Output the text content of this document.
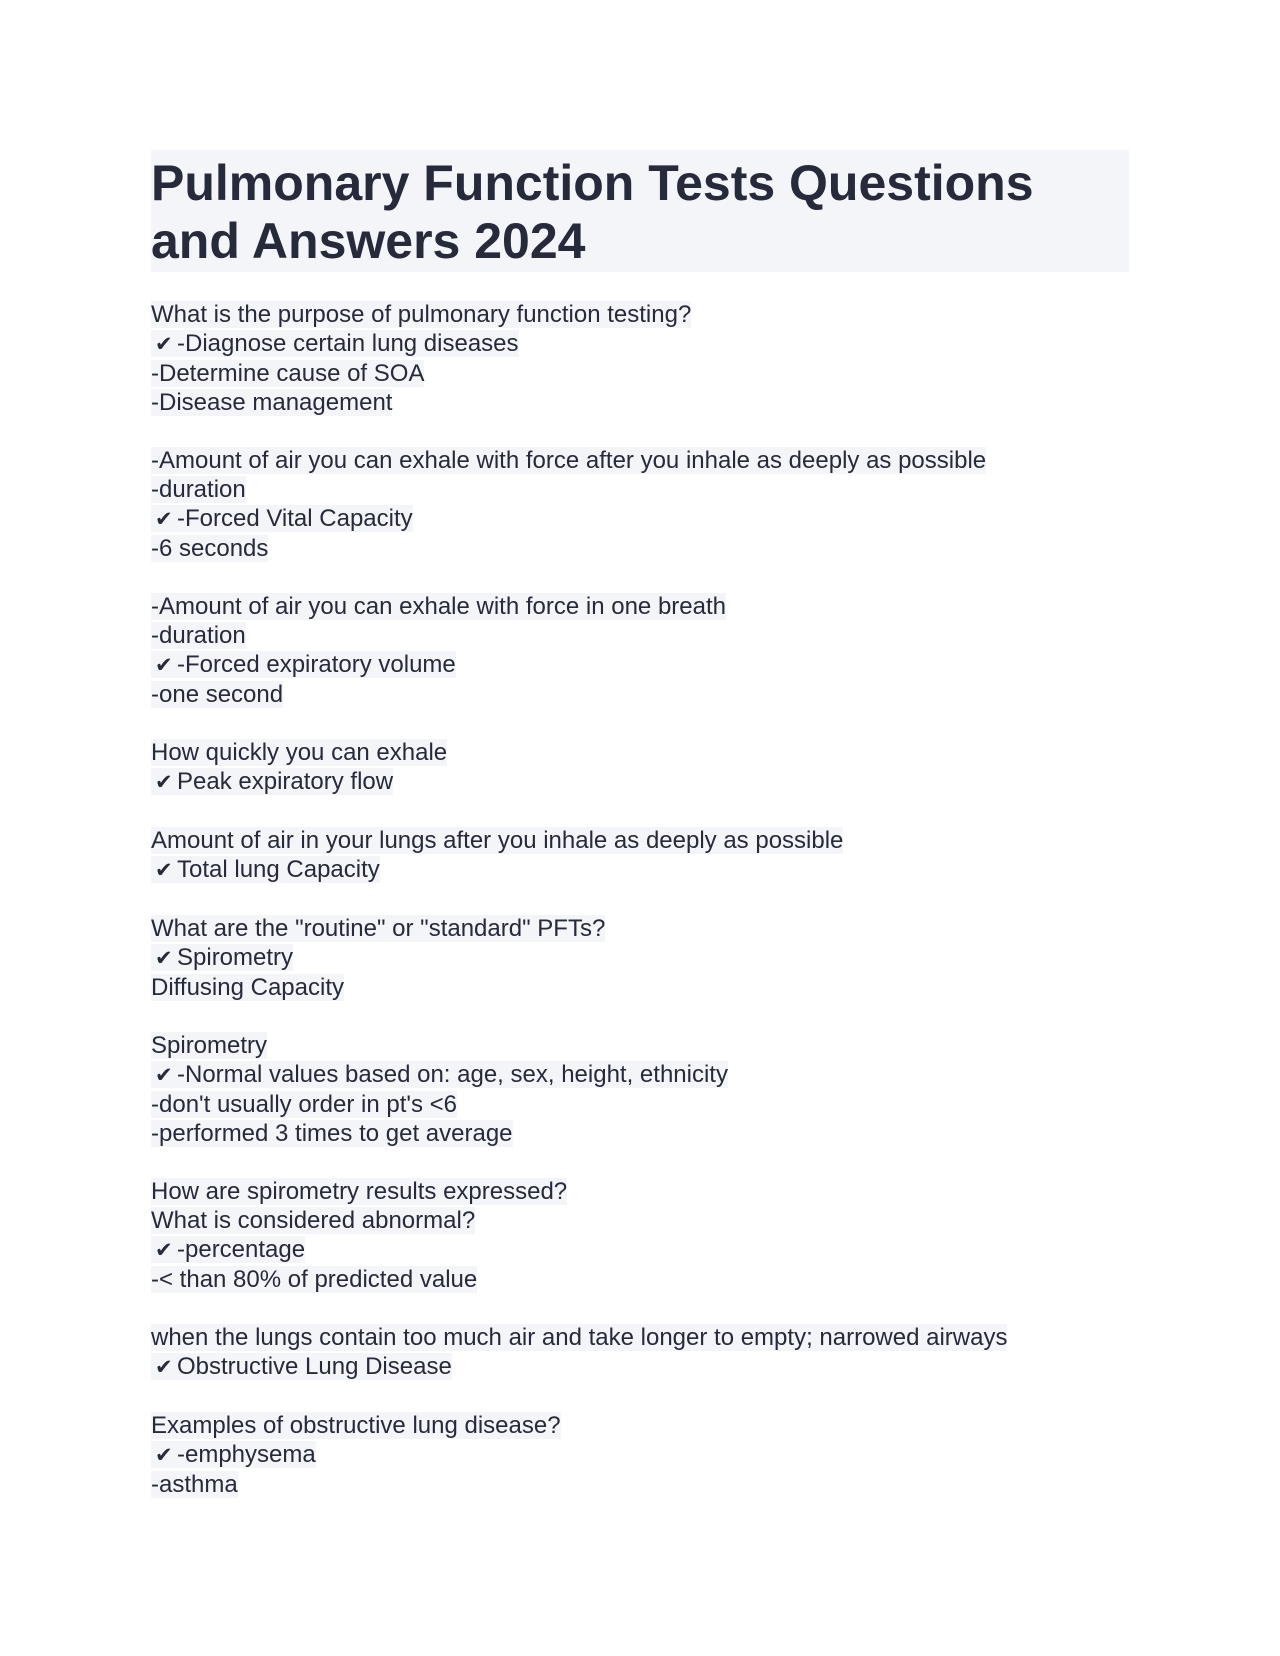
Pulmonary Function Tests Questions and Answers 2024
What is the purpose of pulmonary function testing?
✔ -Diagnose certain lung diseases
-Determine cause of SOA
-Disease management
-Amount of air you can exhale with force after you inhale as deeply as possible
-duration
✔ -Forced Vital Capacity
-6 seconds
-Amount of air you can exhale with force in one breath
-duration
✔ -Forced expiratory volume
-one second
How quickly you can exhale
✔ Peak expiratory flow
Amount of air in your lungs after you inhale as deeply as possible
✔ Total lung Capacity
What are the "routine" or "standard" PFTs?
✔ Spirometry
Diffusing Capacity
Spirometry
✔ -Normal values based on: age, sex, height, ethnicity
-don't usually order in pt's <6
-performed 3 times to get average
How are spirometry results expressed?
What is considered abnormal?
✔ -percentage
-< than 80% of predicted value
when the lungs contain too much air and take longer to empty; narrowed airways
✔ Obstructive Lung Disease
Examples of obstructive lung disease?
✔ -emphysema
-asthma
